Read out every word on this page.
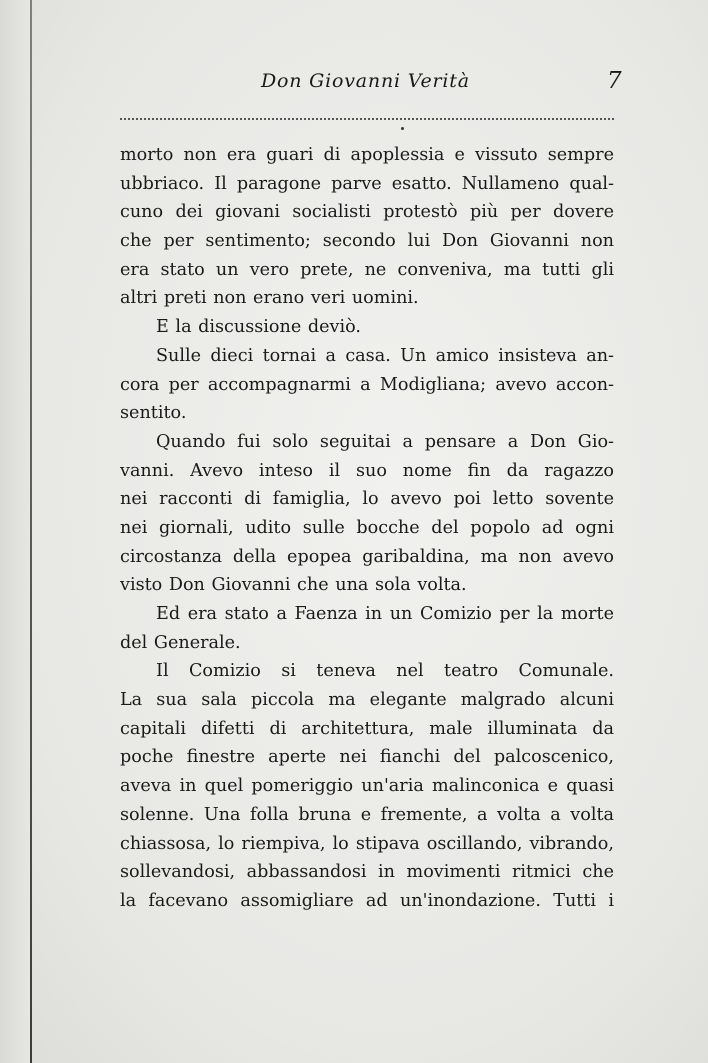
Don Giovanni Verità	7
morto non era guari di apoplessia e vissuto sempre
ubbriaco. Il paragone parve esatto. Nullameno qual-
cuno dei giovani socialisti protestò più per dovere
che per sentimento; secondo lui Don Giovanni non
era stato un vero prete, ne conveniva, ma tutti gli
altri preti non erano veri uomini.
E la discussione deviò.
Sulle dieci tornai a casa. Un amico insisteva an-
cora per accompagnarmi a Modigliana; avevo accon-
sentito.
Quando fui solo seguitai a pensare a Don Gio-
vanni. Avevo inteso il suo nome fin da ragazzo
nei racconti di famiglia, lo avevo poi letto sovente
nei giornali, udito sulle bocche del popolo ad ogni
circostanza della epopea garibaldina, ma non avevo
visto Don Giovanni che una sola volta.
Ed era stato a Faenza in un Comizio per la morte
del Generale.
Il Comizio si teneva nel teatro Comunale.
La sua sala piccola ma elegante malgrado alcuni
capitali difetti di architettura, male illuminata da
poche finestre aperte nei fianchi del palcoscenico,
aveva in quel pomeriggio un'aria malinconica e quasi
solenne. Una folla bruna e fremente, a volta a volta
chiassosa, lo riempiva, lo stipava oscillando, vibrando,
sollevandosi, abbassandosi in movimenti ritmici che
la facevano assomigliare ad un'inondazione. Tutti i
